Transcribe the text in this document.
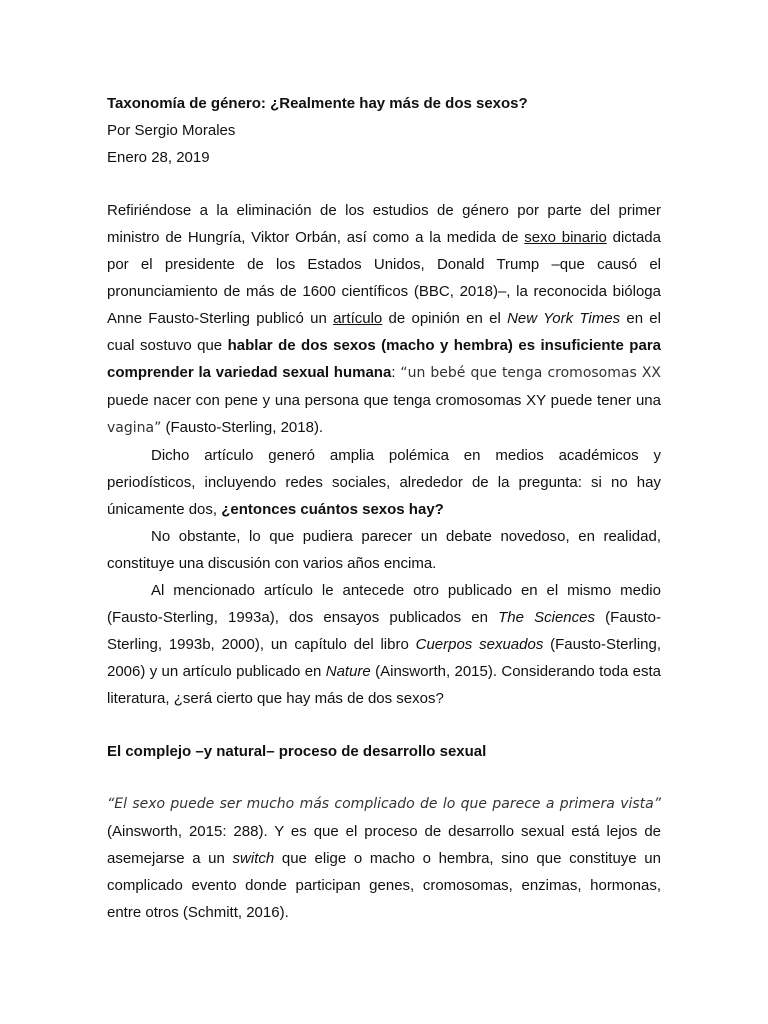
Taxonomía de género: ¿Realmente hay más de dos sexos?

Por Sergio Morales

Enero 28, 2019

Refiriéndose a la eliminación de los estudios de género por parte del primer ministro de Hungría, Viktor Orbán, así como a la medida de sexo binario dictada por el presidente de los Estados Unidos, Donald Trump –que causó el pronunciamiento de más de 1600 científicos (BBC, 2018)–, la reconocida bióloga Anne Fausto-Sterling publicó un artículo de opinión en el New York Times en el cual sostuvo que hablar de dos sexos (macho y hembra) es insuficiente para comprender la variedad sexual humana: “un bebé que tenga cromosomas XX puede nacer con pene y una persona que tenga cromosomas XY puede tener una vagina” (Fausto-Sterling, 2018).

Dicho artículo generó amplia polémica en medios académicos y periodísticos, incluyendo redes sociales, alrededor de la pregunta: si no hay únicamente dos, ¿entonces cuántos sexos hay?

No obstante, lo que pudiera parecer un debate novedoso, en realidad, constituye una discusión con varios años encima.

Al mencionado artículo le antecede otro publicado en el mismo medio (Fausto-Sterling, 1993a), dos ensayos publicados en The Sciences (Fausto-Sterling, 1993b, 2000), un capítulo del libro Cuerpos sexuados (Fausto-Sterling, 2006) y un artículo publicado en Nature (Ainsworth, 2015). Considerando toda esta literatura, ¿será cierto que hay más de dos sexos?

El complejo –y natural– proceso de desarrollo sexual

“El sexo puede ser mucho más complicado de lo que parece a primera vista” (Ainsworth, 2015: 288). Y es que el proceso de desarrollo sexual está lejos de asemejarse a un switch que elige o macho o hembra, sino que constituye un complicado evento donde participan genes, cromosomas, enzimas, hormonas, entre otros (Schmitt, 2016).
